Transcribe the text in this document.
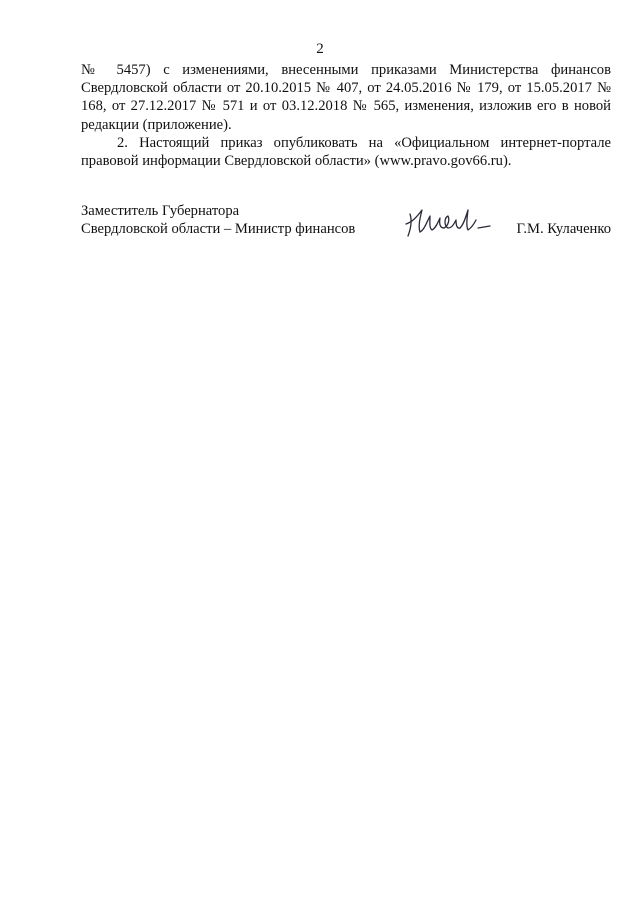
2

№ 5457) с изменениями, внесенными приказами Министерства финансов Свердловской области от 20.10.2015 № 407, от 24.05.2016 № 179, от 15.05.2017 № 168, от 27.12.2017 № 571 и от 03.12.2018 № 565, изменения, изложив его в новой редакции (приложение).

2. Настоящий приказ опубликовать на «Официальном интернет-портале правовой информации Свердловской области» (www.pravo.gov66.ru).

Заместитель Губернатора
Свердловской области – Министр финансов	Г.М. Кулаченко
